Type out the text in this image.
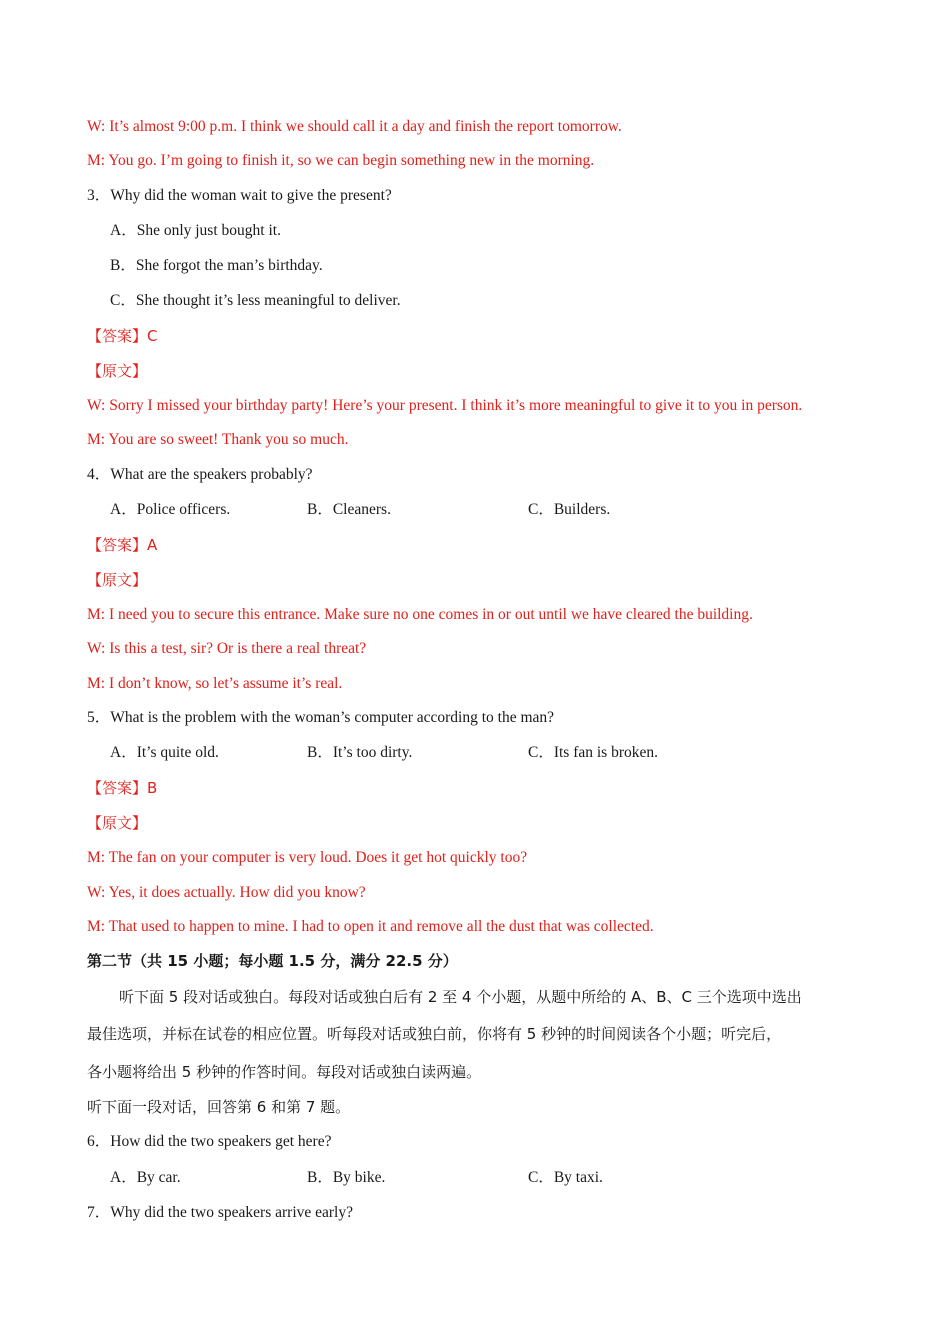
W: It’s almost 9:00 p.m. I think we should call it a day and finish the report tomorrow.
M: You go. I’m going to finish it, so we can begin something new in the morning.
3．Why did the woman wait to give the present?
A．She only just bought it.
B．She forgot the man’s birthday.
C．She thought it’s less meaningful to deliver.
【答案】C
【原文】
W: Sorry I missed your birthday party! Here’s your present. I think it’s more meaningful to give it to you in person.
M: You are so sweet! Thank you so much.
4．What are the speakers probably?
A．Police officers.	B．Cleaners.	C．Builders.
【答案】A
【原文】
M: I need you to secure this entrance. Make sure no one comes in or out until we have cleared the building.
W: Is this a test, sir? Or is there a real threat?
M: I don’t know, so let’s assume it’s real.
5．What is the problem with the woman’s computer according to the man?
A．It’s quite old.	B．It’s too dirty.	C．Its fan is broken.
【答案】B
【原文】
M: The fan on your computer is very loud. Does it get hot quickly too?
W: Yes, it does actually. How did you know?
M: That used to happen to mine. I had to open it and remove all the dust that was collected.
第二节（共 15 小题；每小题 1.5 分，满分 22.5 分）
听下面 5 段对话或独白。每段对话或独白后有 2 至 4 个小题，从题中所给的 A、B、C 三个选项中选出
最佳选项，并标在试卷的相应位置。听每段对话或独白前，你将有 5 秒钟的时间阅读各个小题；听完后，
各小题将给出 5 秒钟的作答时间。每段对话或独白读两遍。
听下面一段对话，回答第 6 和第 7 题。
6．How did the two speakers get here?
A．By car.	B．By bike.	C．By taxi.
7．Why did the two speakers arrive early?
